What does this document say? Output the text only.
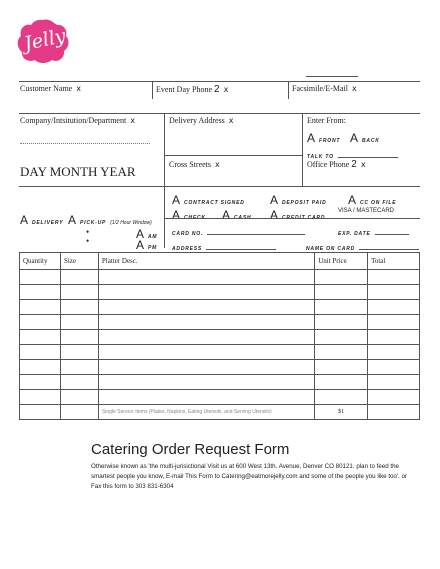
Jelly
Customer Name x	Event Day Phone 2 x	Facsimile/E-Mail x
Company/Intsitution/Department x	Delivery Address x
Cross Streets x
Enter From:
A FRONT A BACK
TALK TO
Office Phone 2 x
DAY MONTH YEAR
A DELIVERY A PICK-UP (1/2 Hour Window)
•
•	A AM
A PM
A CONTRACT SIGNED A DEPOSIT PAID A CC ON FILE
A CHECK A CASH A CREDIT CARD
VISA / MASTECARD
CARD NO.	EXP. DATE
ADDRESS	NAME ON CARD
Quantity	Size	Platter Desc.	Unit Price	Total

		Single Service Items (Plates, Napkins, Eating Utensils, and Serving Utensils)	$1	
Catering Order Request Form
Otherwise known as 'the multi-jurisictional Visit us at 600 West 13th. Avenue, Denver CO 80121. plan to feed the smartest people you know, E-mail This Form to Catering@eatmorejelly.com and some of the people you like too'. or Fax this form to 303 831-6304
